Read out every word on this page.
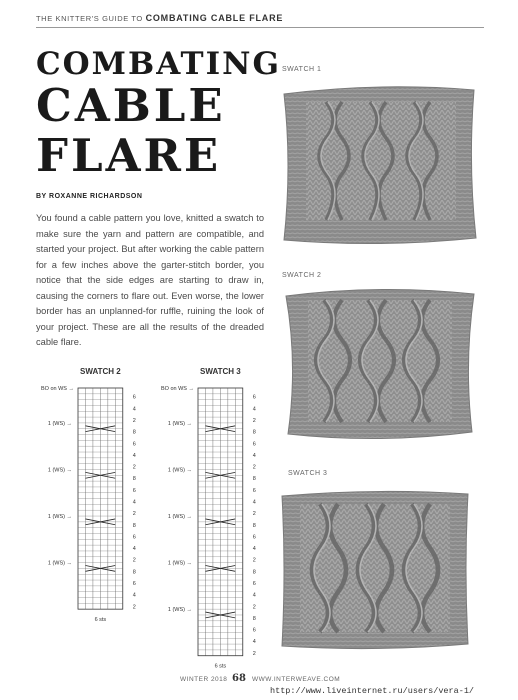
THE KNITTER'S GUIDE TO COMBATING CABLE FLARE
COMBATING
CABLE
FLARE
BY ROXANNE RICHARDSON

You found a cable pattern you love, knitted a swatch to make sure the yarn and pattern are compatible, and started your project. But after working the cable pattern for a few inches above the garter-stitch border, you notice that the side edges are starting to draw in, causing the corners to flare out. Even worse, the lower border has an unplanned-for ruffle, ruining the look of your project. These are all the results of the dreaded cable flare.

SWATCH 1
SWATCH 2
SWATCH 3
SWATCH 2
BO on WS →
6
4
2
8
6
4
2
8
6
4
2
8
6
4
2
8
6
4
2
1 (WS) →
1 (WS) →
1 (WS) →
1 (WS) →
6 sts
SWATCH 3
BO on WS →
6
4
2
8
6
4
2
8
6
4
2
8
6
4
2
8
6
4
2
8
6
4
2
1 (WS) →
1 (WS) →
1 (WS) →
1 (WS) →
1 (WS) →
6 sts
WINTER 2018 68 WWW.INTERWEAVE.COM
http://www.liveinternet.ru/users/vera-1/
